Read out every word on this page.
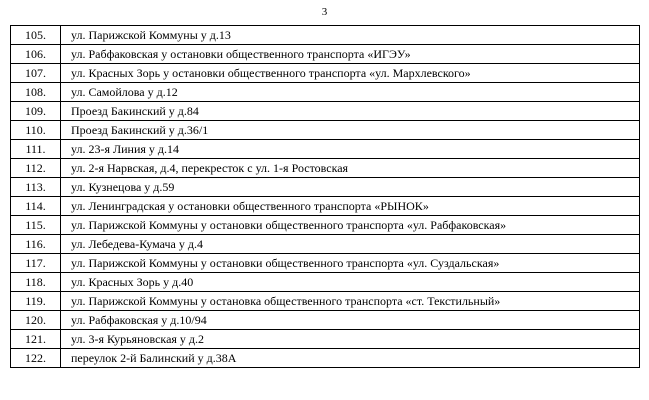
3
105.	ул. Парижской Коммуны у д.13
106.	ул. Рабфаковская у остановки общественного транспорта «ИГЭУ»
107.	ул. Красных Зорь у остановки общественного транспорта «ул. Мархлевского»
108.	ул. Самойлова у д.12
109.	Проезд Бакинский у д.84
110.	Проезд Бакинский у д.36/1
111.	ул. 23-я Линия у д.14
112.	ул. 2-я Нарвская, д.4, перекресток с ул. 1-я Ростовская
113.	ул. Кузнецова у д.59
114.	ул. Ленинградская у остановки общественного транспорта «РЫНОК»
115.	ул. Парижской Коммуны у остановки общественного транспорта «ул. Рабфаковская»
116.	ул. Лебедева-Кумача у д.4
117.	ул. Парижской Коммуны у остановки общественного транспорта «ул. Суздальская»
118.	ул. Красных Зорь у д.40
119.	ул. Парижской Коммуны у остановка общественного транспорта «ст. Текстильный»
120.	ул. Рабфаковская у д.10/94
121.	ул. 3-я Курьяновская у д.2
122.	переулок 2-й Балинский у д.38А
